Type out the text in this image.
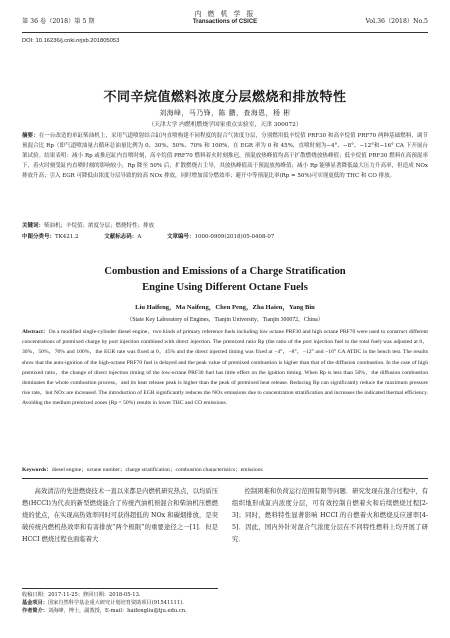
第 36 卷（2018）第 5 期
内 燃 机 学 报
Transactions of CSICE	Vol.36（2018）No.5
DOI: 10.16236/j.cnki.nrjxb.201805053
不同辛烷值燃料浓度分层燃烧和排放特性
刘海峰，马乃锋，陈 鹏，查海恩，杨 彬
（天津大学 内燃机燃烧学国家重点实验室，天津 300072）
摘要：在一台改造的单缸柴油机上，采用气道喷射结合缸内直喷构建不同程度的混合气浓度分层，分别燃用低辛烷值 PRF30 和高辛烷值 PRF70 两种基础燃料，调节预混合比 Rp（即气道喷油量占循环总油量比例为 0、30%、50%、70% 和 100%，在 EGR 率为 0 和 45%，直喷时刻为−4°、−8°、−12°和−16° CA 下开展台架试验。结果表明：减小 Rp 或推迟缸内直喷时刻，高辛烷值 PRF70 燃料着火时刻推迟，预混放热峰值均高于扩散燃烧放热峰值；低辛烷值 PRF30 燃料在高预混率下，着火时刻受缸内直喷时刻的影响较小，Rp 降至 50% 后，扩散燃烧占主导，其放热峰值高于预混放热峰值；减小 Rp 能够显著降低最大压力升高率，但造成 NOx 排放升高；引入 EGR 可降低由浓度分层导致的较高 NOx 排放，同时增加部分燃效率；避开中等预混比率(Rp = 50%)可实现更低的 THC 和 CO 排放。
关键词：柴油机；辛烷值；浓度分层；燃烧特性；排放
中图分类号：TK421.2	文献标志码：A	文章编号：1000-0909(2018)05-0408-07
Combustion and Emissions of a Charge Stratification
Engine Using Different Octane Fuels
Liu Haifeng，Ma Naifeng，Chen Peng，Zha Haien，Yang Bin
（State Key Laboratory of Engines，Tianjin University，Tianjin 300072，China）
Abstract：On a modified single-cylinder diesel engine，two kinds of primary reference fuels including low octane PRF30 and high octane PRF70 were used to construct different concentrations of premixed charge by port injection combined with direct injection. The premixed ratio Rp (the ratio of the port injection fuel to the total fuel) was adjusted at 0，30%，50%，70% and 100%，the EGR rate was fixed at 0，45% and the direct injected timing was fixed at −4°，−8°，−12° and −16° CA ATDC in the bench test. The results show that the auto-ignition of the high-octane PRF70 fuel is delayed and the peak value of premixed combustion is higher than that of the diffusion combustion. In the case of high premixed ratio，the change of direct injection timing of the low-octane PRF30 fuel has little effect on the ignition timing. When Rp is less than 50%，the diffusion combustion dominates the whole combustion process，and its heat release peak is higher than the peak of premixed heat release. Reducing Rp can significantly reduce the maximum pressure rise rate，but NOx are increased. The introduction of EGR significantly reduces the NOx emissions due to concentration stratification and increases the indicated thermal efficiency. Avoiding the medium premixed zones (Rp = 50%) results in lower THC and CO emissions.
Keywords：diesel engine；octane number；charge stratification；combustion characteristics；emissions

高效清洁的先进燃烧技术一直以来都是内燃机研究热点，以均质压燃(HCCI)为代表的新型燃烧能合了传统汽油机预混合和柴油机压燃燃烧的优点，在实现高热效率同时可获得超低的 NOx 和碳烟排放，是突破传统内燃机热效率和有害排放“两个极限”的重要途径之一[1]．但是 HCCI 燃烧过程也面临着大

控制困难和负荷运行范围有限等问题．研究发现在混合过程中，有组织地形成缸内浓度分层，可有效控制自燃着火和后续燃烧过程[2-3]；同时，燃料特性显著影响 HCCI 的自燃着火和燃烧反应速率[4-5]．因此，国内外针对混合气浓度分层在不同特性燃料上均开展了研究．

收稿日期：2017-11-25；修回日期：2018-05-13.
基金项目：国家自然科学基金重大研究计划培育资助项目(91541111).
作者简介：刘海峰，博士，副教授，E-mail：haifengliu@tju.edu.cn.
